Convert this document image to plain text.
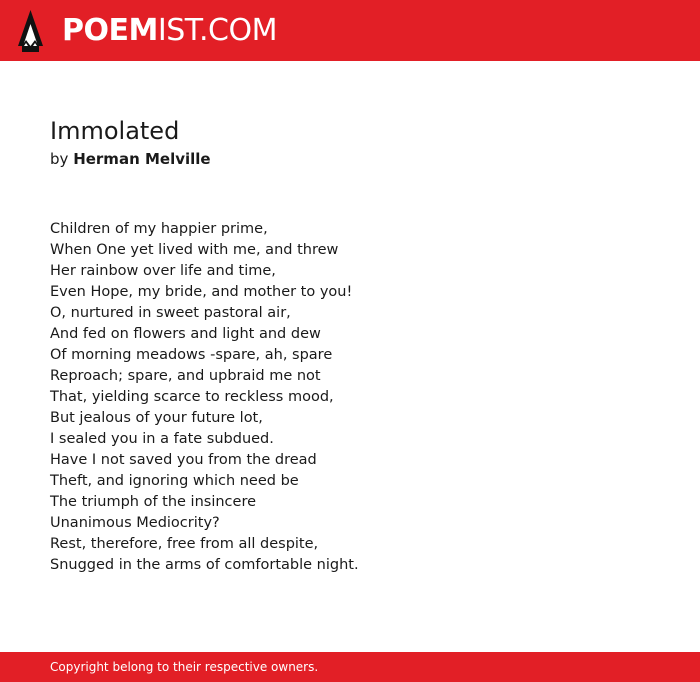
POEMIST.COM
Immolated
by Herman Melville
Children of my happier prime,
When One yet lived with me, and threw
Her rainbow over life and time,
Even Hope, my bride, and mother to you!
O, nurtured in sweet pastoral air,
And fed on flowers and light and dew
Of morning meadows -spare, ah, spare
Reproach; spare, and upbraid me not
That, yielding scarce to reckless mood,
But jealous of your future lot,
I sealed you in a fate subdued.
Have I not saved you from the dread
Theft, and ignoring which need be
The triumph of the insincere
Unanimous Mediocrity?
Rest, therefore, free from all despite,
Snugged in the arms of comfortable night.
Copyright belong to their respective owners.
